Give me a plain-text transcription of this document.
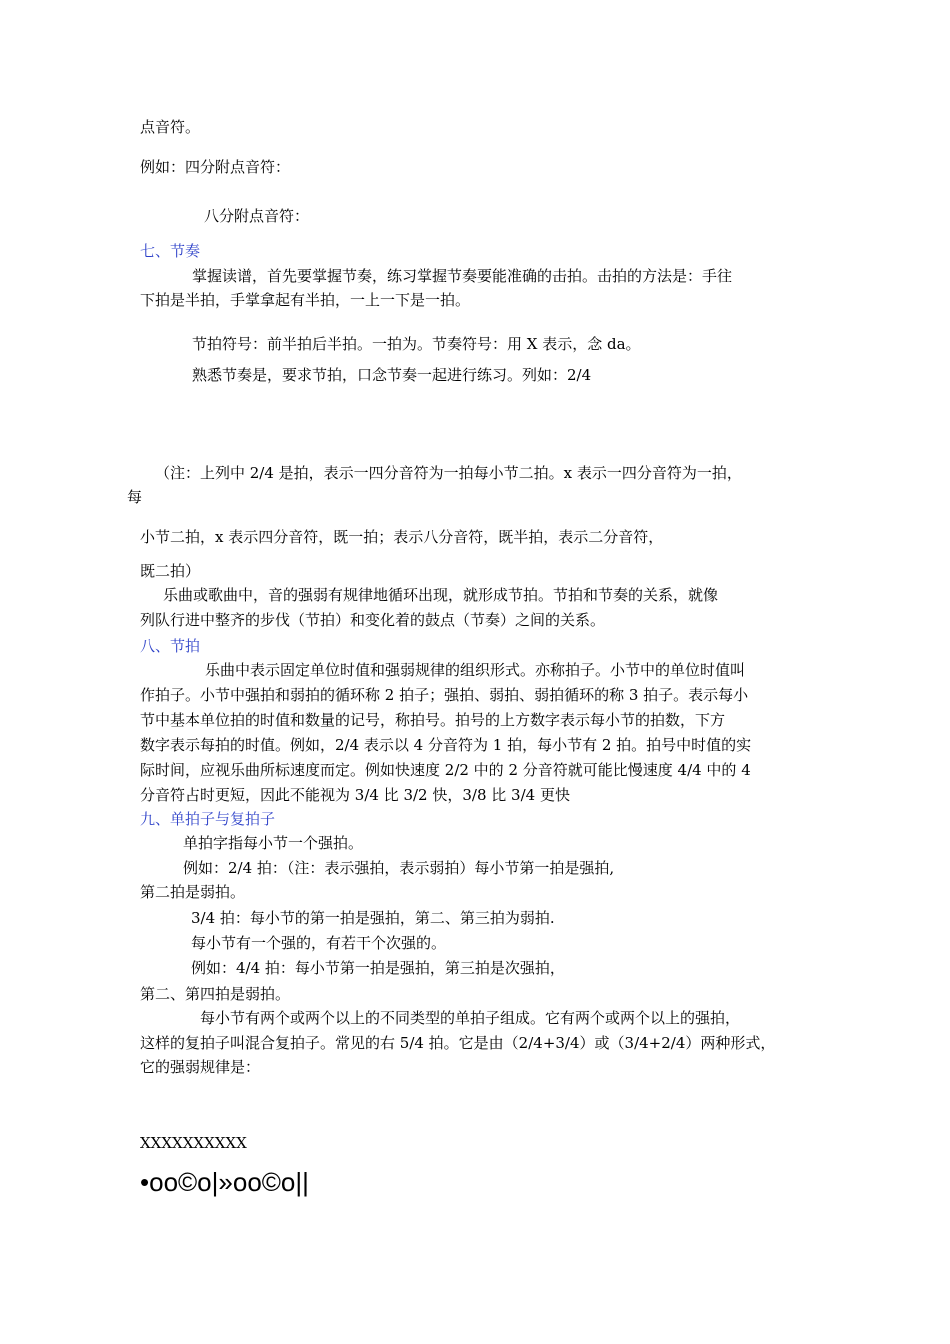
点音符。
例如：四分附点音符：
八分附点音符：
七、节奏
掌握读谱，首先要掌握节奏，练习掌握节奏要能准确的击拍。击拍的方法是：手往
下拍是半拍，手掌拿起有半拍，一上一下是一拍。
节拍符号：前半拍后半拍。一拍为。节奏符号：用 X 表示，念 da。
熟悉节奏是，要求节拍，口念节奏一起进行练习。列如：2/4
（注：上列中 2/4 是拍，表示一四分音符为一拍每小节二拍。x 表示一四分音符为一拍，
每
小节二拍，x 表示四分音符，既一拍；表示八分音符，既半拍，表示二分音符，
既二拍）
乐曲或歌曲中，音的强弱有规律地循环出现，就形成节拍。节拍和节奏的关系，就像
列队行进中整齐的步伐（节拍）和变化着的鼓点（节奏）之间的关系。
八、节拍
乐曲中表示固定单位时值和强弱规律的组织形式。亦称拍子。小节中的单位时值叫
作拍子。小节中强拍和弱拍的循环称 2 拍子；强拍、弱拍、弱拍循环的称 3 拍子。表示每小
节中基本单位拍的时值和数量的记号，称拍号。拍号的上方数字表示每小节的拍数，下方
数字表示每拍的时值。例如，2/4 表示以 4 分音符为 1 拍，每小节有 2 拍。拍号中时值的实
际时间，应视乐曲所标速度而定。例如快速度 2/2 中的 2 分音符就可能比慢速度 4/4 中的 4
分音符占时更短，因此不能视为 3/4 比 3/2 快，3/8 比 3/4 更快
九、单拍子与复拍子
单拍字指每小节一个强拍。
例如：2/4 拍：（注：表示强拍，表示弱拍）每小节第一拍是强拍,
第二拍是弱拍。
3/4 拍：每小节的第一拍是强拍，第二、第三拍为弱拍.
每小节有一个强的，有若干个次强的。
例如：4/4 拍：每小节第一拍是强拍，第三拍是次强拍，
第二、第四拍是弱拍。
每小节有两个或两个以上的不同类型的单拍子组成。它有两个或两个以上的强拍，
这样的复拍子叫混合复拍子。常见的右 5/4 拍。它是由（2/4+3/4）或（3/4+2/4）两种形式，
它的强弱规律是：
XXXXXXXXXX
•oo©o|»oo©o||
